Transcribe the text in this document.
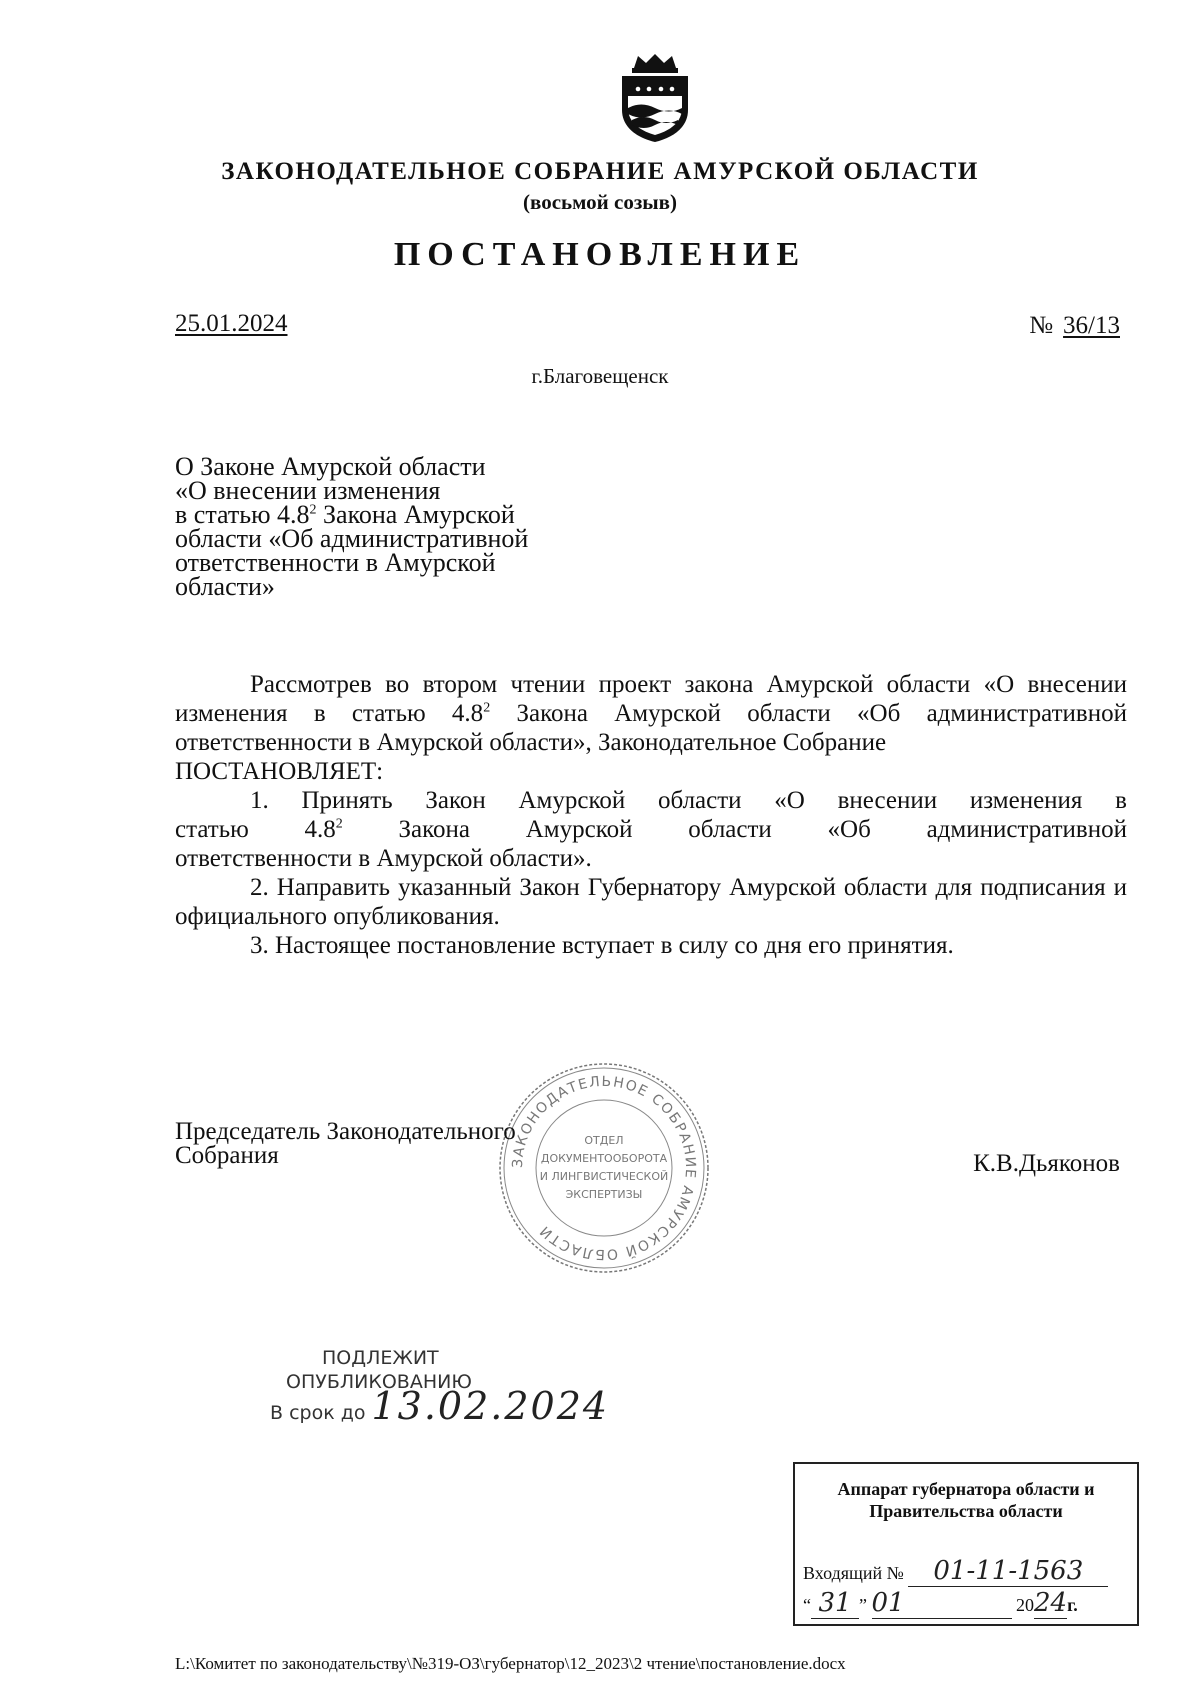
ЗАКОНОДАТЕЛЬНОЕ СОБРАНИЕ АМУРСКОЙ ОБЛАСТИ
(восьмой созыв)
ПОСТАНОВЛЕНИЕ
25.01.2024	№ 36/13
г.Благовещенск
О Законе Амурской области
«О внесении изменения
в статью $4.8^2$ Закона Амурской
области «Об административной
ответственности в Амурской
области»

Рассмотрев во втором чтении проект закона Амурской области «О внесении изменения в статью $4.8^2$ Закона Амурской области «Об административной ответственности в Амурской области», Законодательное Собрание

ПОСТАНОВЛЯЕТ:

1. Принять Закон Амурской области «О внесении изменения в

статью $4.8^2$ Закона Амурской области «Об административной

ответственности в Амурской области».

2. Направить указанный Закон Губернатору Амурской области для подписания и официального опубликования.

3. Настоящее постановление вступает в силу со дня его принятия.

ЗАКОНОДАТЕЛЬНОЕ СОБРАНИЕ АМУРСКОЙ ОБЛАСТИ
ОТДЕЛ
ДОКУМЕНТООБОРОТА
И ЛИНГВИСТИЧЕСКОЙ
ЭКСПЕРТИЗЫ
Председатель Законодательного
Собрания	К.В.Дьяконов
ПОДЛЕЖИТ
ОПУБЛИКОВАНИЮ
В срок до 13.02.2024
Аппарат губернатора области и
Правительства области
Входящий № 01-11-1563
“ 31 ” 01	2024г.
L:\Комитет по законодательству\№319-ОЗ\губернатор\12_2023\2 чтение\постановление.docx
